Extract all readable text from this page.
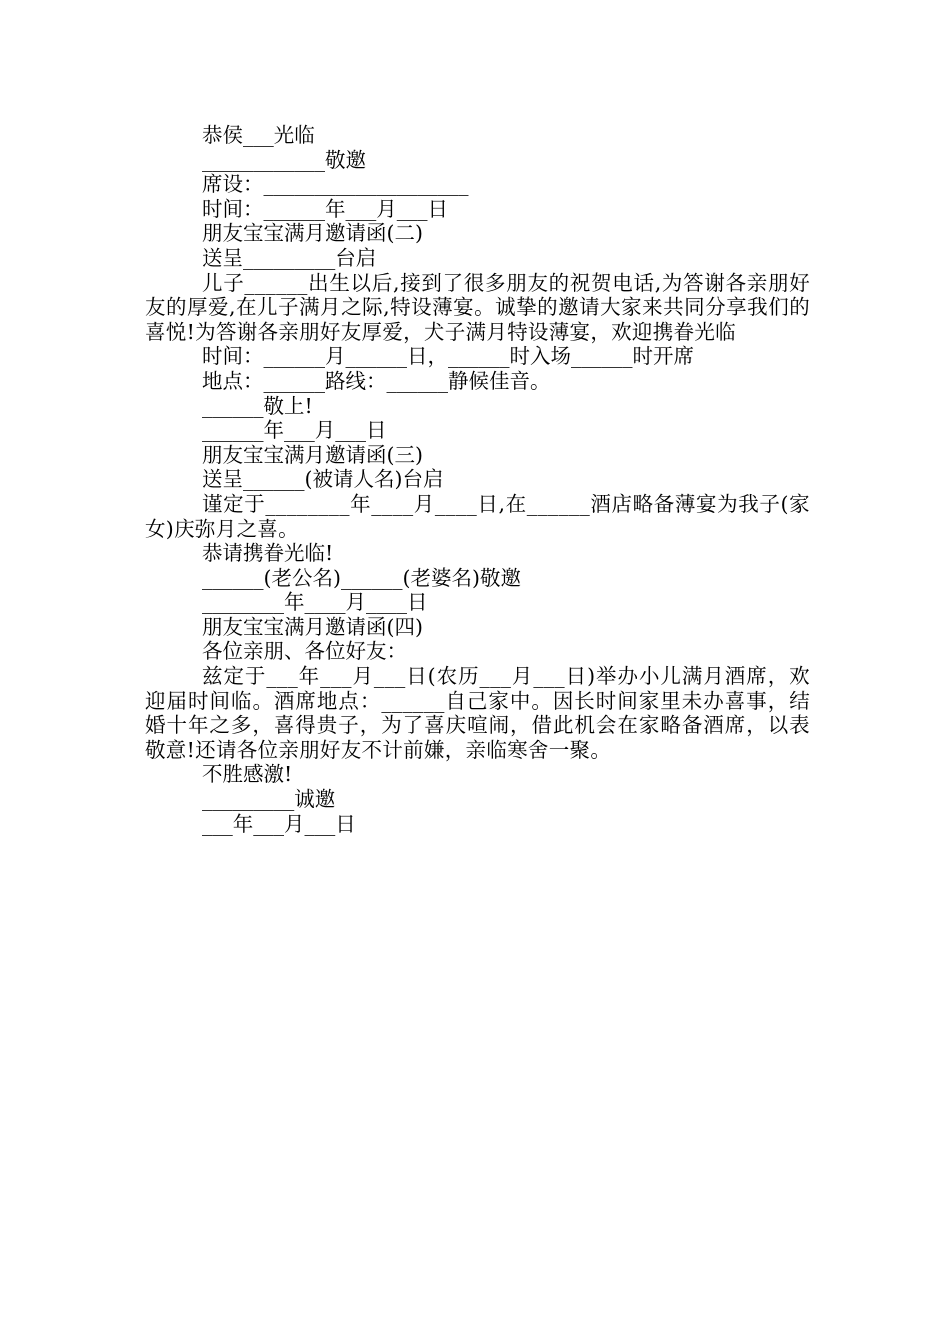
恭侯___光临
____________敬邀
席设：____________________
时间：______年___月___日
朋友宝宝满月邀请函(二)
送呈_________台启
儿子______出生以后,接到了很多朋友的祝贺电话,为答谢各亲朋好友的厚爱,在儿子满月之际,特设薄宴。诚挚的邀请大家来共同分享我们的喜悦!为答谢各亲朋好友厚爱，犬子满月特设薄宴，欢迎携眷光临
时间：______月______日，______时入场______时开席
地点：______路线：______静候佳音。
______敬上!
______年___月___日
朋友宝宝满月邀请函(三)
送呈______(被请人名)台启
谨定于________年____月____日,在______酒店略备薄宴为我子(家女)庆弥月之喜。
恭请携眷光临!
______(老公名)______(老婆名)敬邀
________年____月____日
朋友宝宝满月邀请函(四)
各位亲朋、各位好友：
兹定于___年___月___日(农历___月___日)举办小儿满月酒席，欢迎届时间临。酒席地点：______自己家中。因长时间家里未办喜事，结婚十年之多，喜得贵子，为了喜庆喧闹，借此机会在家略备酒席，以表敬意!还请各位亲朋好友不计前嫌，亲临寒舍一聚。
不胜感激!
_________诚邀
___年___月___日
